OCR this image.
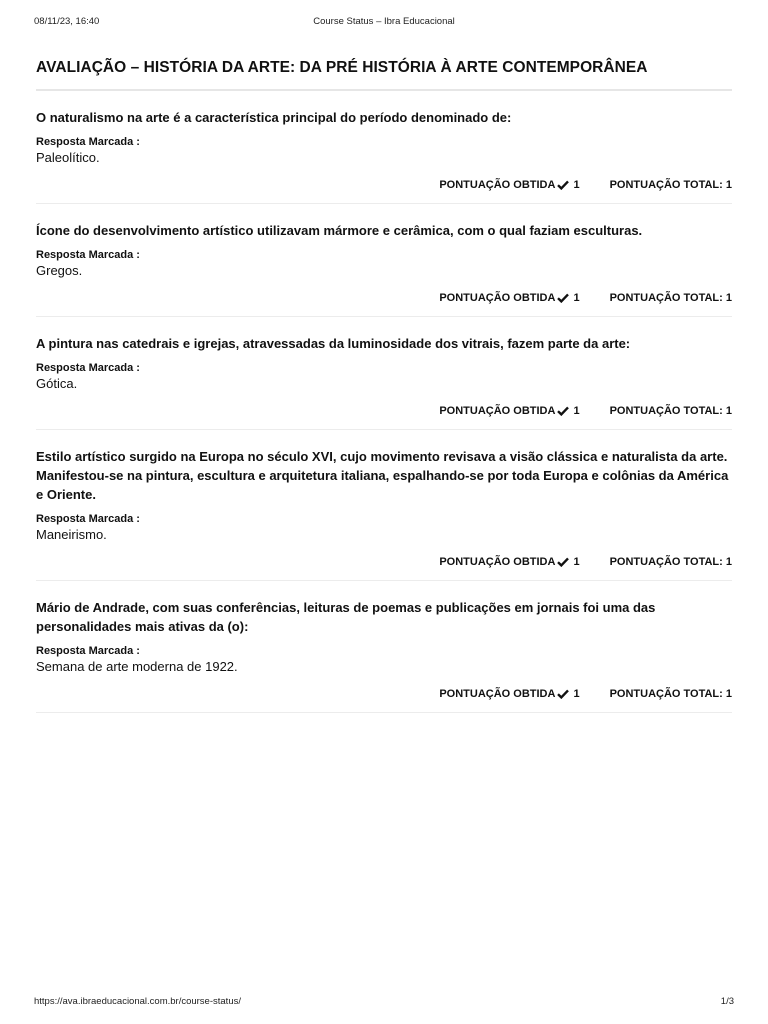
08/11/23, 16:40	Course Status – Ibra Educacional
AVALIAÇÃO – HISTÓRIA DA ARTE: DA PRÉ HISTÓRIA À ARTE CONTEMPORÂNEA

O naturalismo na arte é a característica principal do período denominado de:

Resposta Marcada :
Paleolítico.
PONTUAÇÃO OBTIDA 1	PONTUAÇÃO TOTAL: 1

Ícone do desenvolvimento artístico utilizavam mármore e cerâmica, com o qual faziam esculturas.

Resposta Marcada :
Gregos.
PONTUAÇÃO OBTIDA 1	PONTUAÇÃO TOTAL: 1

A pintura nas catedrais e igrejas, atravessadas da luminosidade dos vitrais, fazem parte da arte:

Resposta Marcada :
Gótica.
PONTUAÇÃO OBTIDA 1	PONTUAÇÃO TOTAL: 1

Estilo artístico surgido na Europa no século XVI, cujo movimento revisava a visão clássica e naturalista da arte. Manifestou-se na pintura, escultura e arquitetura italiana, espalhando-se por toda Europa e colônias da América e Oriente.

Resposta Marcada :
Maneirismo.
PONTUAÇÃO OBTIDA 1	PONTUAÇÃO TOTAL: 1

Mário de Andrade, com suas conferências, leituras de poemas e publicações em jornais foi uma das personalidades mais ativas da (o):

Resposta Marcada :
Semana de arte moderna de 1922.
PONTUAÇÃO OBTIDA 1	PONTUAÇÃO TOTAL: 1
https://ava.ibraeducacional.com.br/course-status/	1/3
